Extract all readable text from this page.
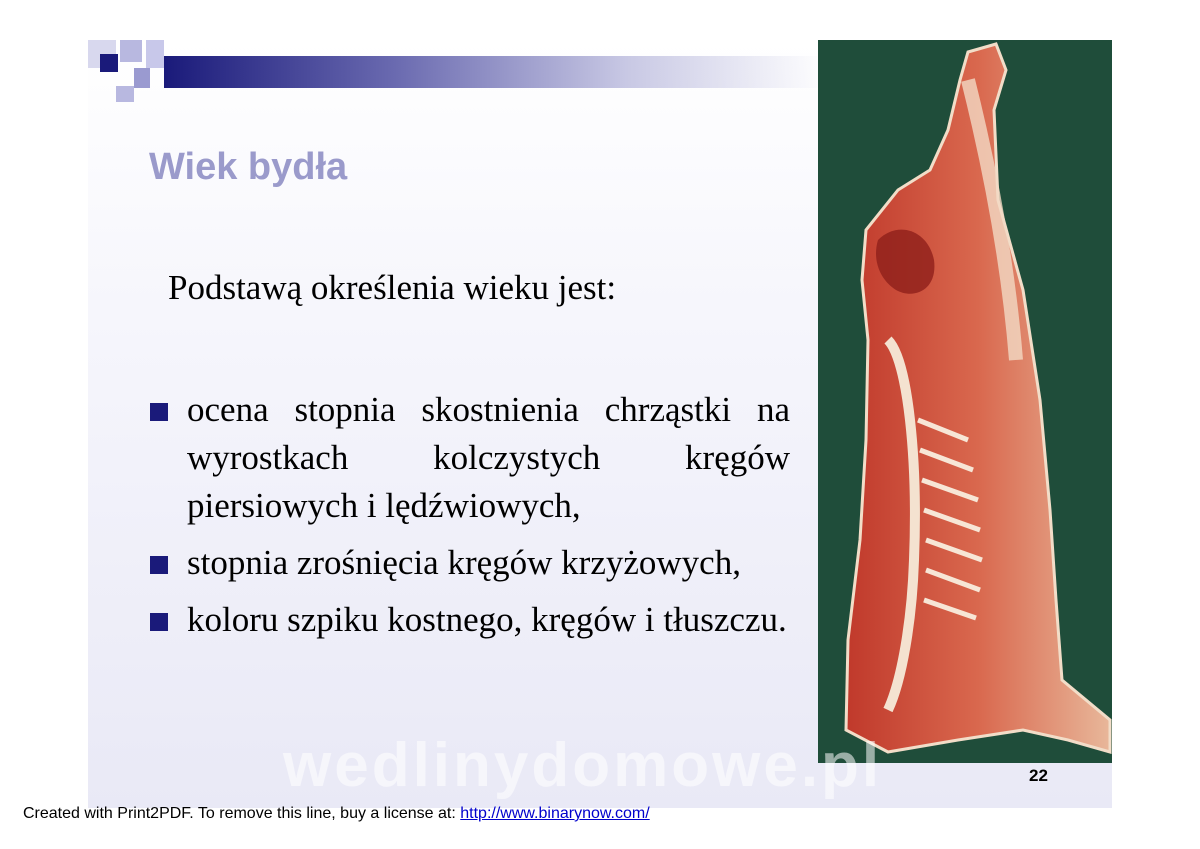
Wiek bydła

Podstawą określenia wieku jest:

ocena stopnia skostnienia chrząstki na wyrostkach kolczystych kręgów piersiowych i lędźwiowych,
stopnia zrośnięcia kręgów krzyżowych,
koloru szpiku kostnego, kręgów i tłuszczu.

wedlinydomowe.pl	22

Created with Print2PDF. To remove this line, buy a license at: http://www.binarynow.com/
